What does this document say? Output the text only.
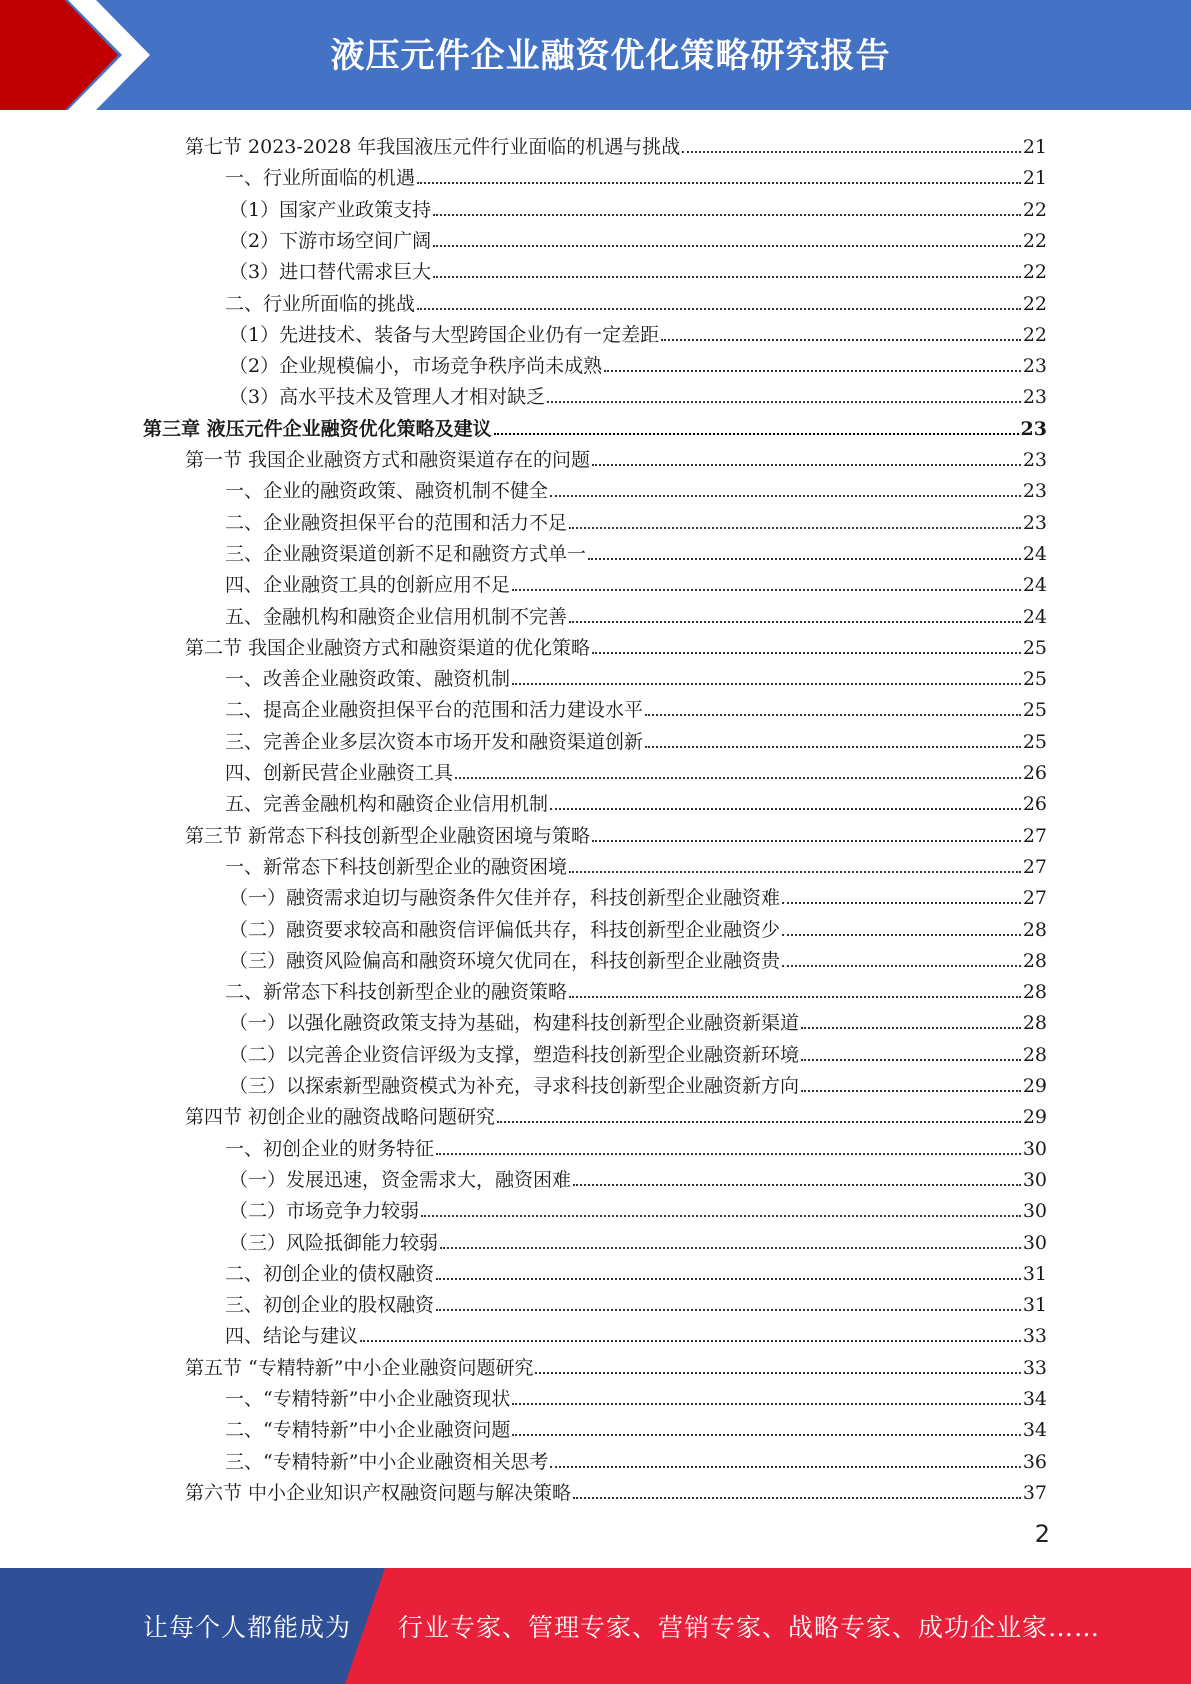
液压元件企业融资优化策略研究报告
第七节 2023-2028 年我国液压元件行业面临的机遇与挑战	21
一、行业所面临的机遇	21
（1）国家产业政策支持	22
（2）下游市场空间广阔	22
（3）进口替代需求巨大	22
二、行业所面临的挑战	22
（1）先进技术、装备与大型跨国企业仍有一定差距	22
（2）企业规模偏小，市场竞争秩序尚未成熟	23
（3）高水平技术及管理人才相对缺乏	23
第三章 液压元件企业融资优化策略及建议	23
第一节 我国企业融资方式和融资渠道存在的问题	23
一、企业的融资政策、融资机制不健全	23
二、企业融资担保平台的范围和活力不足	23
三、企业融资渠道创新不足和融资方式单一	24
四、企业融资工具的创新应用不足	24
五、金融机构和融资企业信用机制不完善	24
第二节 我国企业融资方式和融资渠道的优化策略	25
一、改善企业融资政策、融资机制	25
二、提高企业融资担保平台的范围和活力建设水平	25
三、完善企业多层次资本市场开发和融资渠道创新	25
四、创新民营企业融资工具	26
五、完善金融机构和融资企业信用机制	26
第三节 新常态下科技创新型企业融资困境与策略	27
一、新常态下科技创新型企业的融资困境	27
（一）融资需求迫切与融资条件欠佳并存，科技创新型企业融资难	27
（二）融资要求较高和融资信评偏低共存，科技创新型企业融资少	28
（三）融资风险偏高和融资环境欠优同在，科技创新型企业融资贵	28
二、新常态下科技创新型企业的融资策略	28
（一）以强化融资政策支持为基础，构建科技创新型企业融资新渠道	28
（二）以完善企业资信评级为支撑，塑造科技创新型企业融资新环境	28
（三）以探索新型融资模式为补充，寻求科技创新型企业融资新方向	29
第四节 初创企业的融资战略问题研究	29
一、初创企业的财务特征	30
（一）发展迅速，资金需求大，融资困难	30
（二）市场竞争力较弱	30
（三）风险抵御能力较弱	30
二、初创企业的债权融资	31
三、初创企业的股权融资	31
四、结论与建议	33
第五节 “专精特新”中小企业融资问题研究	33
一、“专精特新”中小企业融资现状	34
二、“专精特新”中小企业融资问题	34
三、“专精特新”中小企业融资相关思考	36
第六节 中小企业知识产权融资问题与解决策略	37
2
让每个人都能成为 行业专家、管理专家、营销专家、战略专家、成功企业家……
